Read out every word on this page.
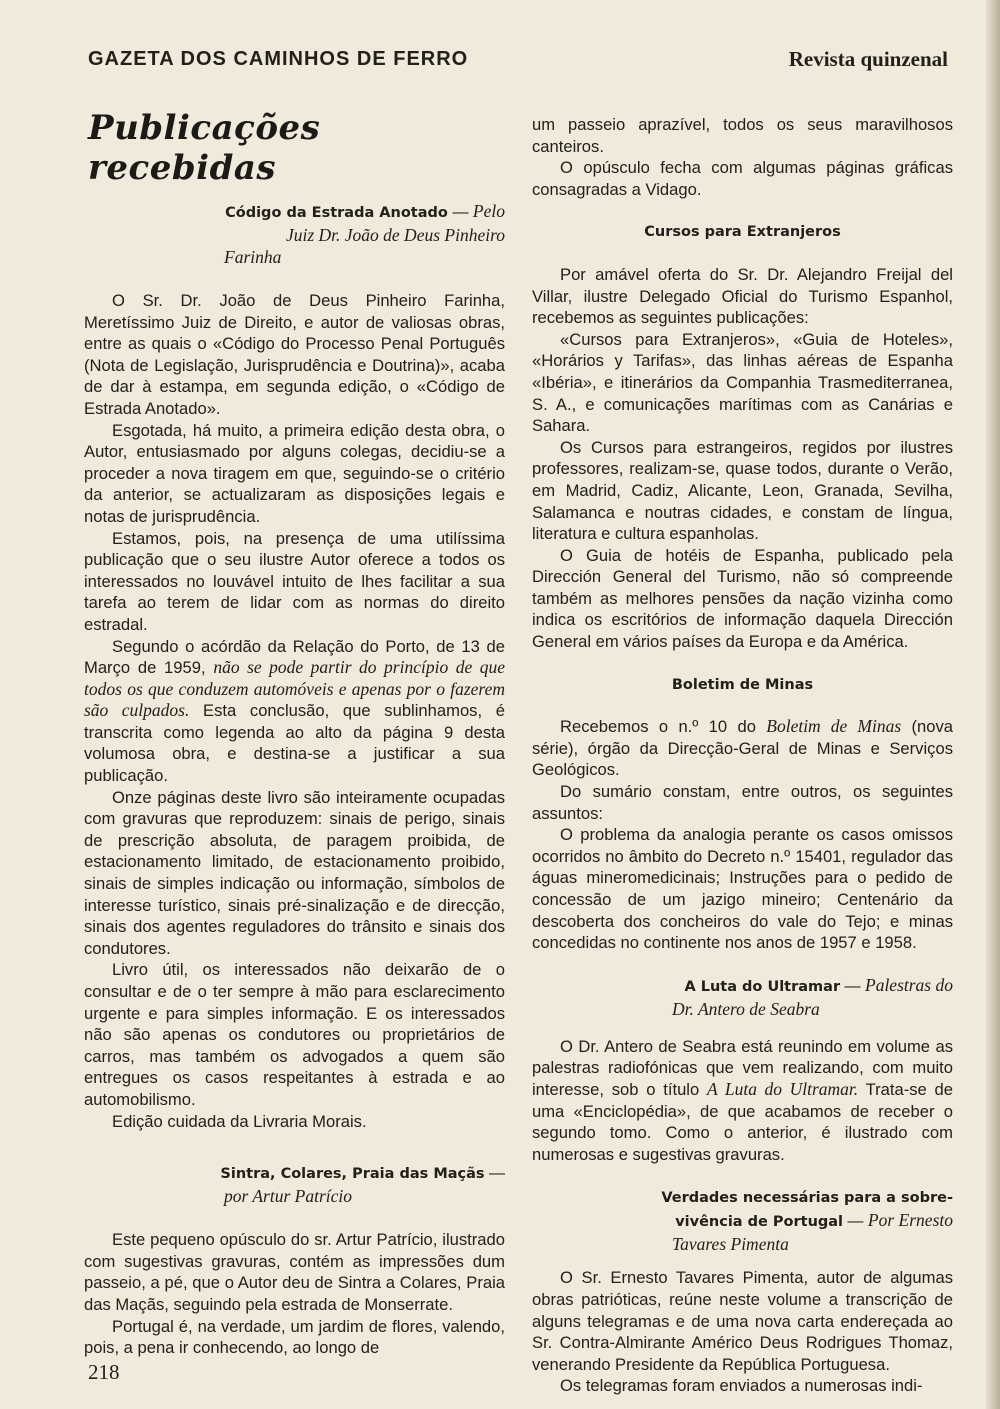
GAZETA DOS CAMINHOS DE FERRO	Revista quinzenal
Publicações recebidas
Código da Estrada Anotado — Pelo
Juiz Dr. João de Deus Pinheiro
Farinha

O Sr. Dr. João de Deus Pinheiro Farinha, Meretíssimo Juiz de Direito, e autor de valiosas obras, entre as quais o «Código do Processo Penal Português (Nota de Legislação, Jurisprudência e Doutrina)», acaba de dar à estampa, em segunda edição, o «Código de Estrada Anotado».

Esgotada, há muito, a primeira edição desta obra, o Autor, entusiasmado por alguns colegas, decidiu-se a proceder a nova tiragem em que, seguindo-se o critério da anterior, se actualizaram as disposições legais e notas de jurisprudência.

Estamos, pois, na presença de uma utilíssima publicação que o seu ilustre Autor oferece a todos os interessados no louvável intuito de lhes facilitar a sua tarefa ao terem de lidar com as normas do direito estradal.

Segundo o acórdão da Relação do Porto, de 13 de Março de 1959, não se pode partir do princípio de que todos os que conduzem automóveis e apenas por o fazerem são culpados. Esta conclusão, que sublinhamos, é transcrita como legenda ao alto da página 9 desta volumosa obra, e destina-se a justificar a sua publicação.

Onze páginas deste livro são inteiramente ocupadas com gravuras que reproduzem: sinais de perigo, sinais de prescrição absoluta, de paragem proibida, de estacionamento limitado, de estacionamento proibido, sinais de simples indicação ou informação, símbolos de interesse turístico, sinais pré-sinalização e de direcção, sinais dos agentes reguladores do trânsito e sinais dos condutores.

Livro útil, os interessados não deixarão de o consultar e de o ter sempre à mão para esclarecimento urgente e para simples informação. E os interessados não são apenas os condutores ou proprietários de carros, mas também os advogados a quem são entregues os casos respeitantes à estrada e ao automobilismo.

Edição cuidada da Livraria Morais.

Sintra, Colares, Praia das Maçãs —
por Artur Patrício

Este pequeno opúsculo do sr. Artur Patrício, ilustrado com sugestivas gravuras, contém as impressões dum passeio, a pé, que o Autor deu de Sintra a Colares, Praia das Maçãs, seguindo pela estrada de Monserrate.

Portugal é, na verdade, um jardim de flores, valendo, pois, a pena ir conhecendo, ao longo de

um passeio aprazível, todos os seus maravilhosos canteiros.

O opúsculo fecha com algumas páginas gráficas consagradas a Vidago.

Cursos para Extranjeros

Por amável oferta do Sr. Dr. Alejandro Freijal del Villar, ilustre Delegado Oficial do Turismo Espanhol, recebemos as seguintes publicações:

«Cursos para Extranjeros», «Guia de Hoteles», «Horários y Tarifas», das linhas aéreas de Espanha «Ibéria», e itinerários da Companhia Trasmediterranea, S. A., e comunicações marítimas com as Canárias e Sahara.

Os Cursos para estrangeiros, regidos por ilustres professores, realizam-se, quase todos, durante o Verão, em Madrid, Cadiz, Alicante, Leon, Granada, Sevilha, Salamanca e noutras cidades, e constam de língua, literatura e cultura espanholas.

O Guia de hotéis de Espanha, publicado pela Dirección General del Turismo, não só compreende também as melhores pensões da nação vizinha como indica os escritórios de informação daquela Dirección General em vários países da Europa e da América.

Boletim de Minas

Recebemos o n.º 10 do Boletim de Minas (nova série), órgão da Direcção-Geral de Minas e Serviços Geológicos.

Do sumário constam, entre outros, os seguintes assuntos:

O problema da analogia perante os casos omissos ocorridos no âmbito do Decreto n.º 15401, regulador das águas mineromedicinais; Instruções para o pedido de concessão de um jazigo mineiro; Centenário da descoberta dos concheiros do vale do Tejo; e minas concedidas no continente nos anos de 1957 e 1958.

A Luta do Ultramar — Palestras do
Dr. Antero de Seabra

O Dr. Antero de Seabra está reunindo em volume as palestras radiofónicas que vem realizando, com muito interesse, sob o título A Luta do Ultramar. Trata-se de uma «Enciclopédia», de que acabamos de receber o segundo tomo. Como o anterior, é ilustrado com numerosas e sugestivas gravuras.

Verdades necessárias para a sobre-
vivência de Portugal — Por Ernesto
Tavares Pimenta

O Sr. Ernesto Tavares Pimenta, autor de algumas obras patrióticas, reúne neste volume a transcrição de alguns telegramas e de uma nova carta endereçada ao Sr. Contra-Almirante Américo Deus Rodrigues Thomaz, venerando Presidente da República Portuguesa.

Os telegramas foram enviados a numerosas indi-

218
